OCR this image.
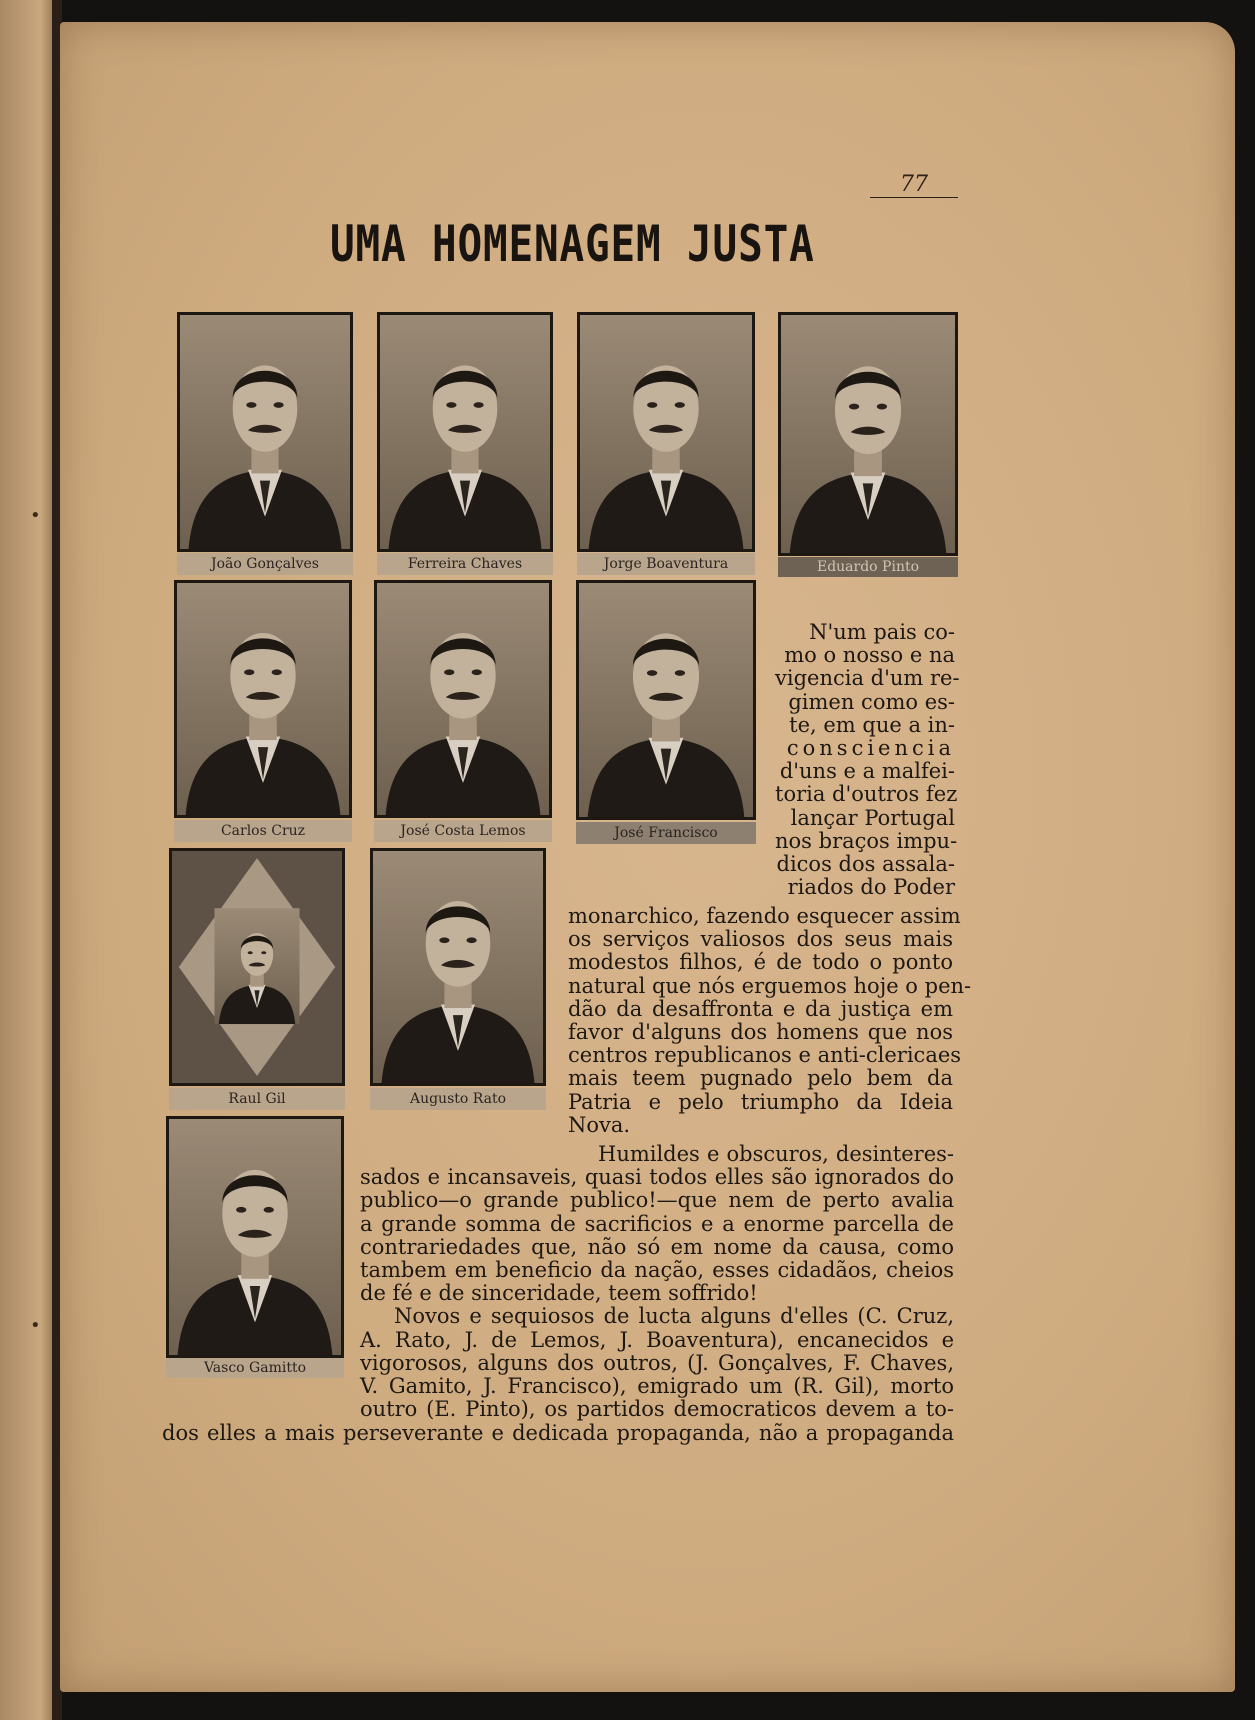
•
•
77
UMA HOMENAGEM JUSTA
João Gonçalves	Ferreira Chaves	Jorge Boaventura	Eduardo Pinto
Carlos Cruz	José Costa Lemos	José Francisco
Raul Gil	Augusto Rato
Vasco Gamitto
N'um pais co-
mo o nosso e na
vigencia d'um re-
gimen como es-
te, em que a in-
consciencia
d'uns e a malfei-
toria d'outros fez
lançar Portugal
nos braços impu-
dicos dos assala-
riados do Poder
monarchico, fazendo esquecer assim
os serviços valiosos dos seus mais
modestos filhos, é de todo o ponto
natural que nós erguemos hoje o pen-
dão da desaffronta e da justiça em
favor d'alguns dos homens que nos
centros republicanos e anti-clericaes
mais teem pugnado pelo bem da
Patria e pelo triumpho da Ideia
Nova.
Humildes e obscuros, desinteres-
sados e incansaveis, quasi todos elles são ignorados do
publico—o grande publico!—que nem de perto avalia
a grande somma de sacrificios e a enorme parcella de
contrariedades que, não só em nome da causa, como
tambem em beneficio da nação, esses cidadãos, cheios
de fé e de sinceridade, teem soffrido!
Novos e sequiosos de lucta alguns d'elles (C. Cruz,
A. Rato, J. de Lemos, J. Boaventura), encanecidos e
vigorosos, alguns dos outros, (J. Gonçalves, F. Chaves,
V. Gamito, J. Francisco), emigrado um (R. Gil), morto
outro (E. Pinto), os partidos democraticos devem a to-
dos elles a mais perseverante e dedicada propaganda, não a propaganda
